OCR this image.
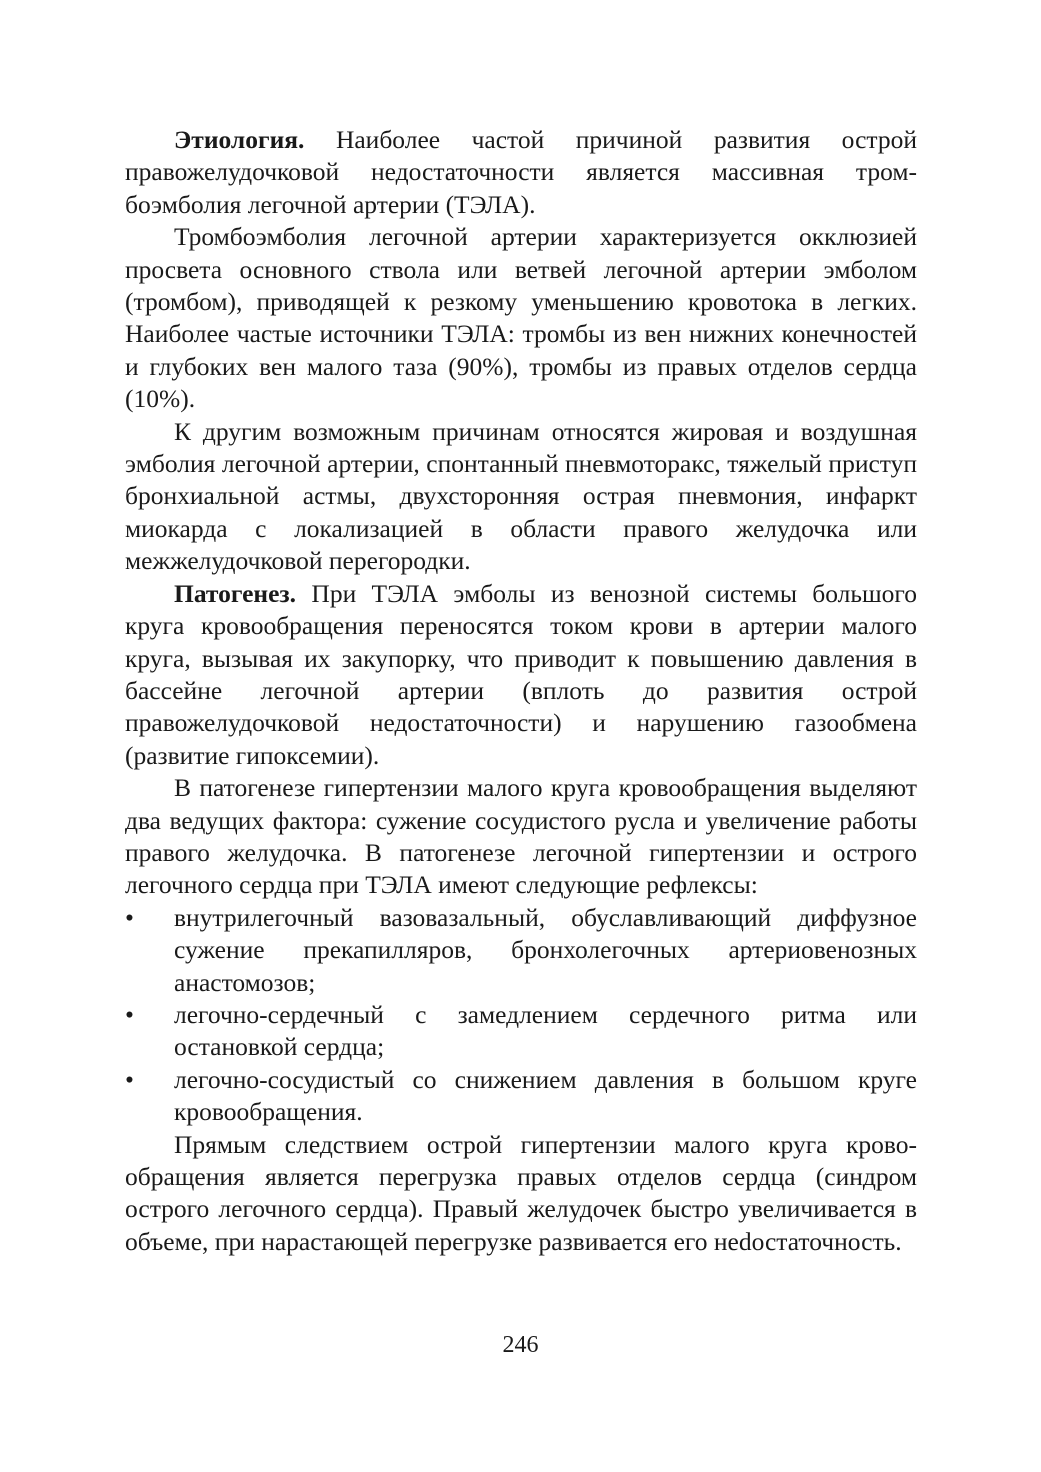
Этиология. Наиболее частой причиной развития острой правожелудочковой недостаточности является массивная тромбоэмболия легочной артерии (ТЭЛА).

Тромбоэмболия легочной артерии характеризуется окклюзией просвета основного ствола или ветвей легочной артерии эмболом (тромбом), приводящей к резкому уменьшению кровотока в легких. Наиболее частые источники ТЭЛА: тромбы из вен нижних конечностей и глубоких вен малого таза (90%), тромбы из правых отделов сердца (10%).

К другим возможным причинам относятся жировая и воздушная эмболия легочной артерии, спонтанный пневмоторакс, тяжелый приступ бронхиальной астмы, двухсторонняя острая пневмония, инфаркт миокарда с локализацией в области правого желудочка или межжелудочковой перегородки.

Патогенез. При ТЭЛА эмболы из венозной системы большого круга кровообращения переносятся током крови в артерии малого круга, вызывая их закупорку, что приводит к повышению давления в бассейне легочной артерии (вплоть до развития острой правожелудочковой недостаточности) и нарушению газообмена (развитие гипоксемии).

В патогенезе гипертензии малого круга кровообращения выделяют два ведущих фактора: сужение сосудистого русла и увеличение работы правого желудочка. В патогенезе легочной гипертензии и острого легочного сердца при ТЭЛА имеют следующие рефлексы:

• внутрилегочный вазовазальный, обуславливающий диффузное сужение прекапилляров, бронхолегочных артериовенозных анастомозов;
• легочно-сердечный с замедлением сердечного ритма или остановкой сердца;
• легочно-сосудистый со снижением давления в большом круге кровообращения.

Прямым следствием острой гипертензии малого круга кровообращения является перегрузка правых отделов сердца (синдром острого легочного сердца). Правый желудочек быстро увеличивается в объеме, при нарастающей перегрузке развивается его неdостаточность.

246
